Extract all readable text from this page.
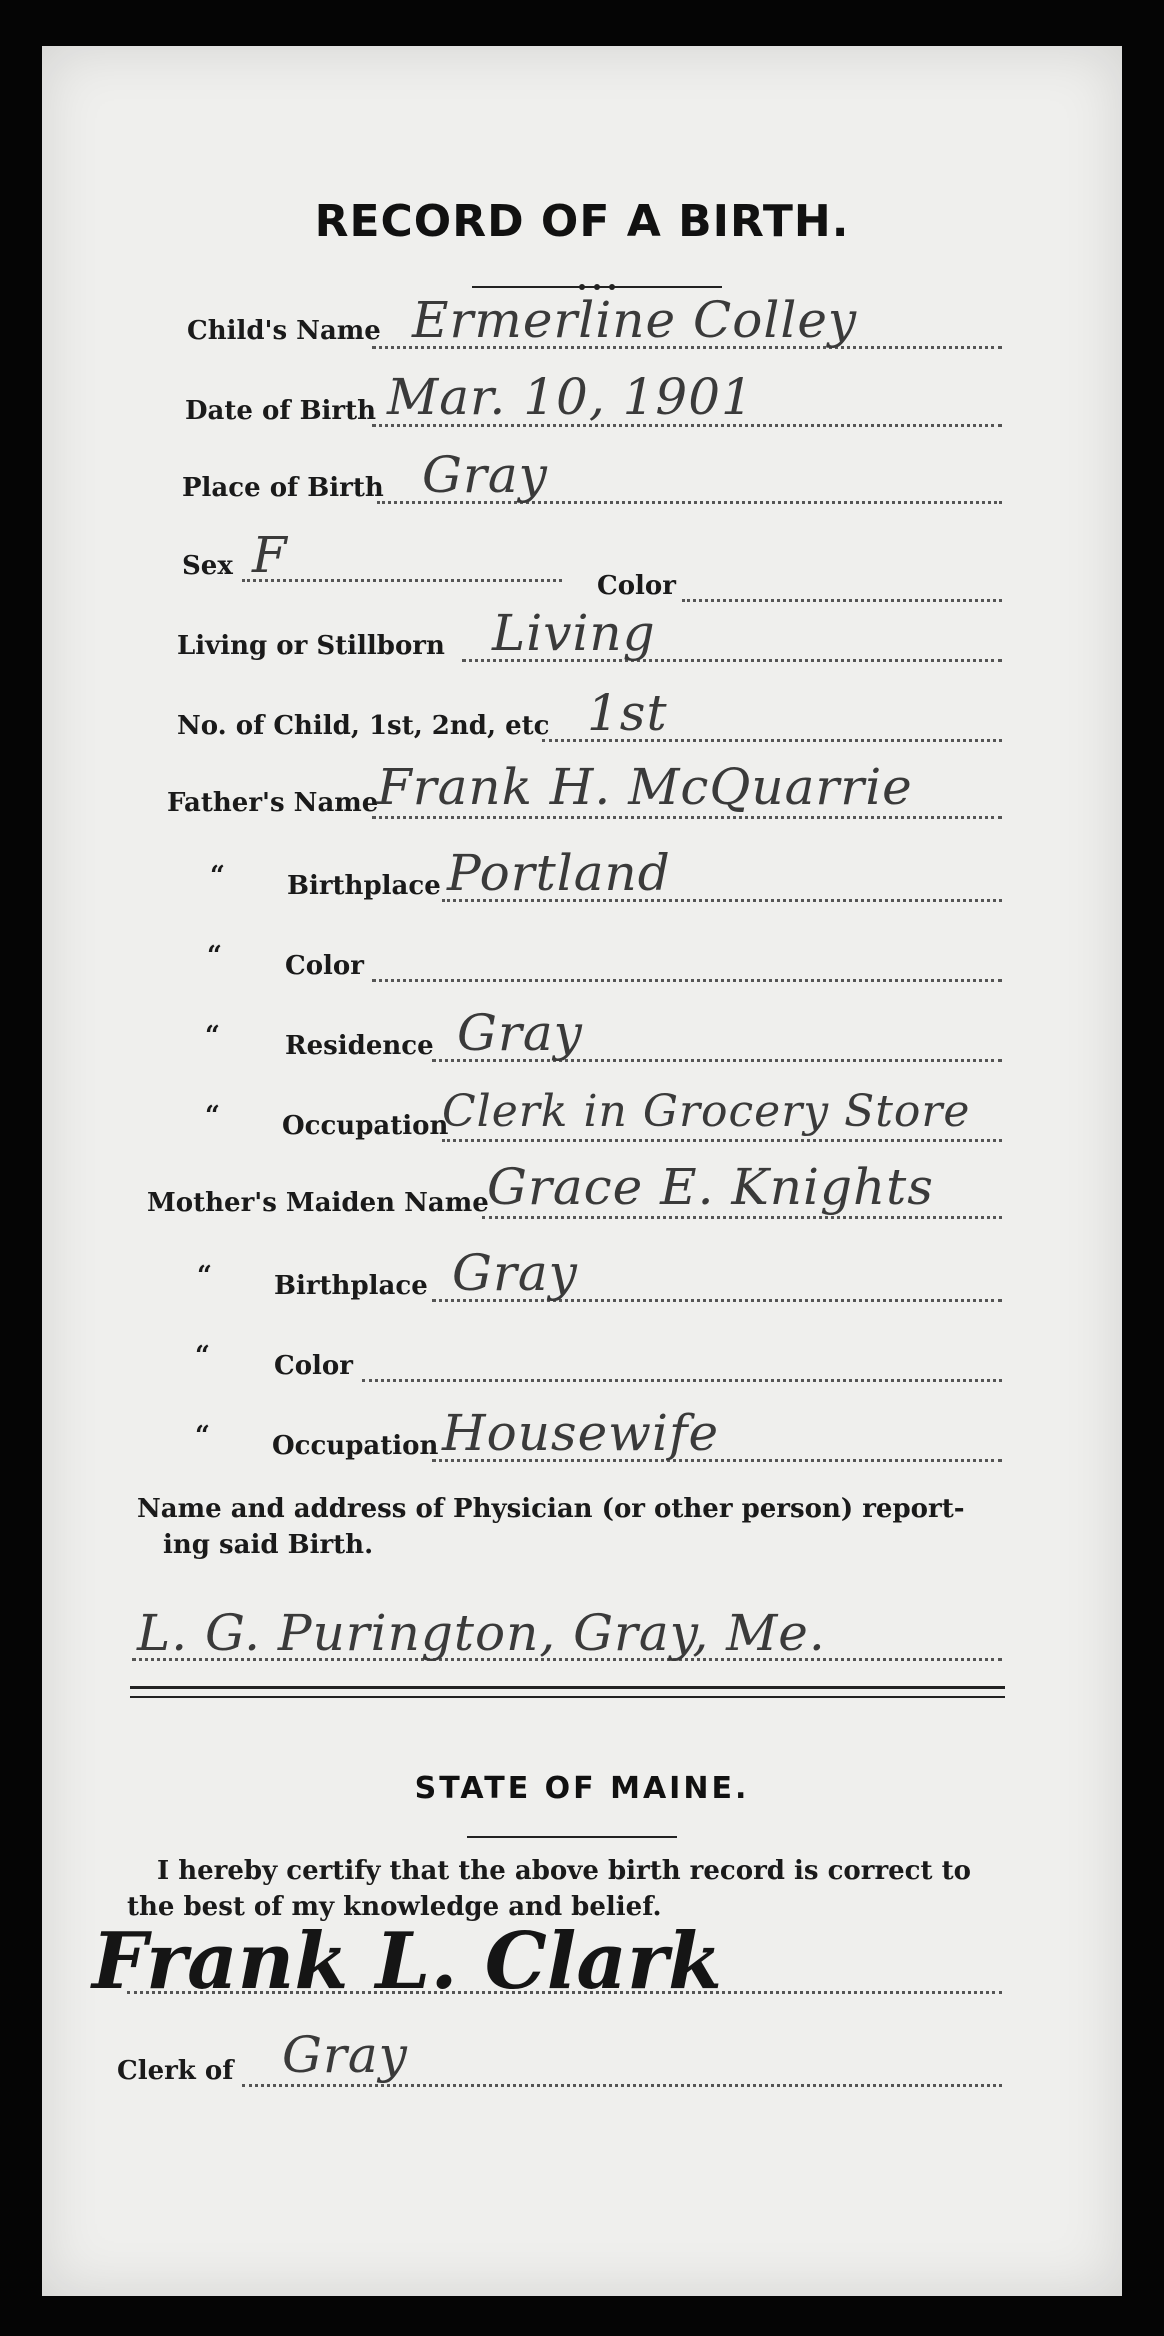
RECORD OF A BIRTH.
Child's Name Ermerline Colley
Date of Birth Mar. 10, 1901
Place of Birth Gray
Sex F
Color
Living or Stillborn Living
No. of Child, 1st, 2nd, etc 1st
Father's Name
Frank H. McQuarrie
“ Birthplace Portland
“ Color
“	Residence Gray
“ Occupation
Clerk in Grocery Store
Mother's Maiden Name
Grace E. Knights
“ Birthplace Gray
“ Color
“ Occupation Housewife
Name and address of Physician (or other person) report-
ing said Birth.
L. G. Purington, Gray, Me.
STATE OF MAINE.
I hereby certify that the above birth record is correct to
the best of my knowledge and belief.
Frank L. Clark
Clerk of Gray
